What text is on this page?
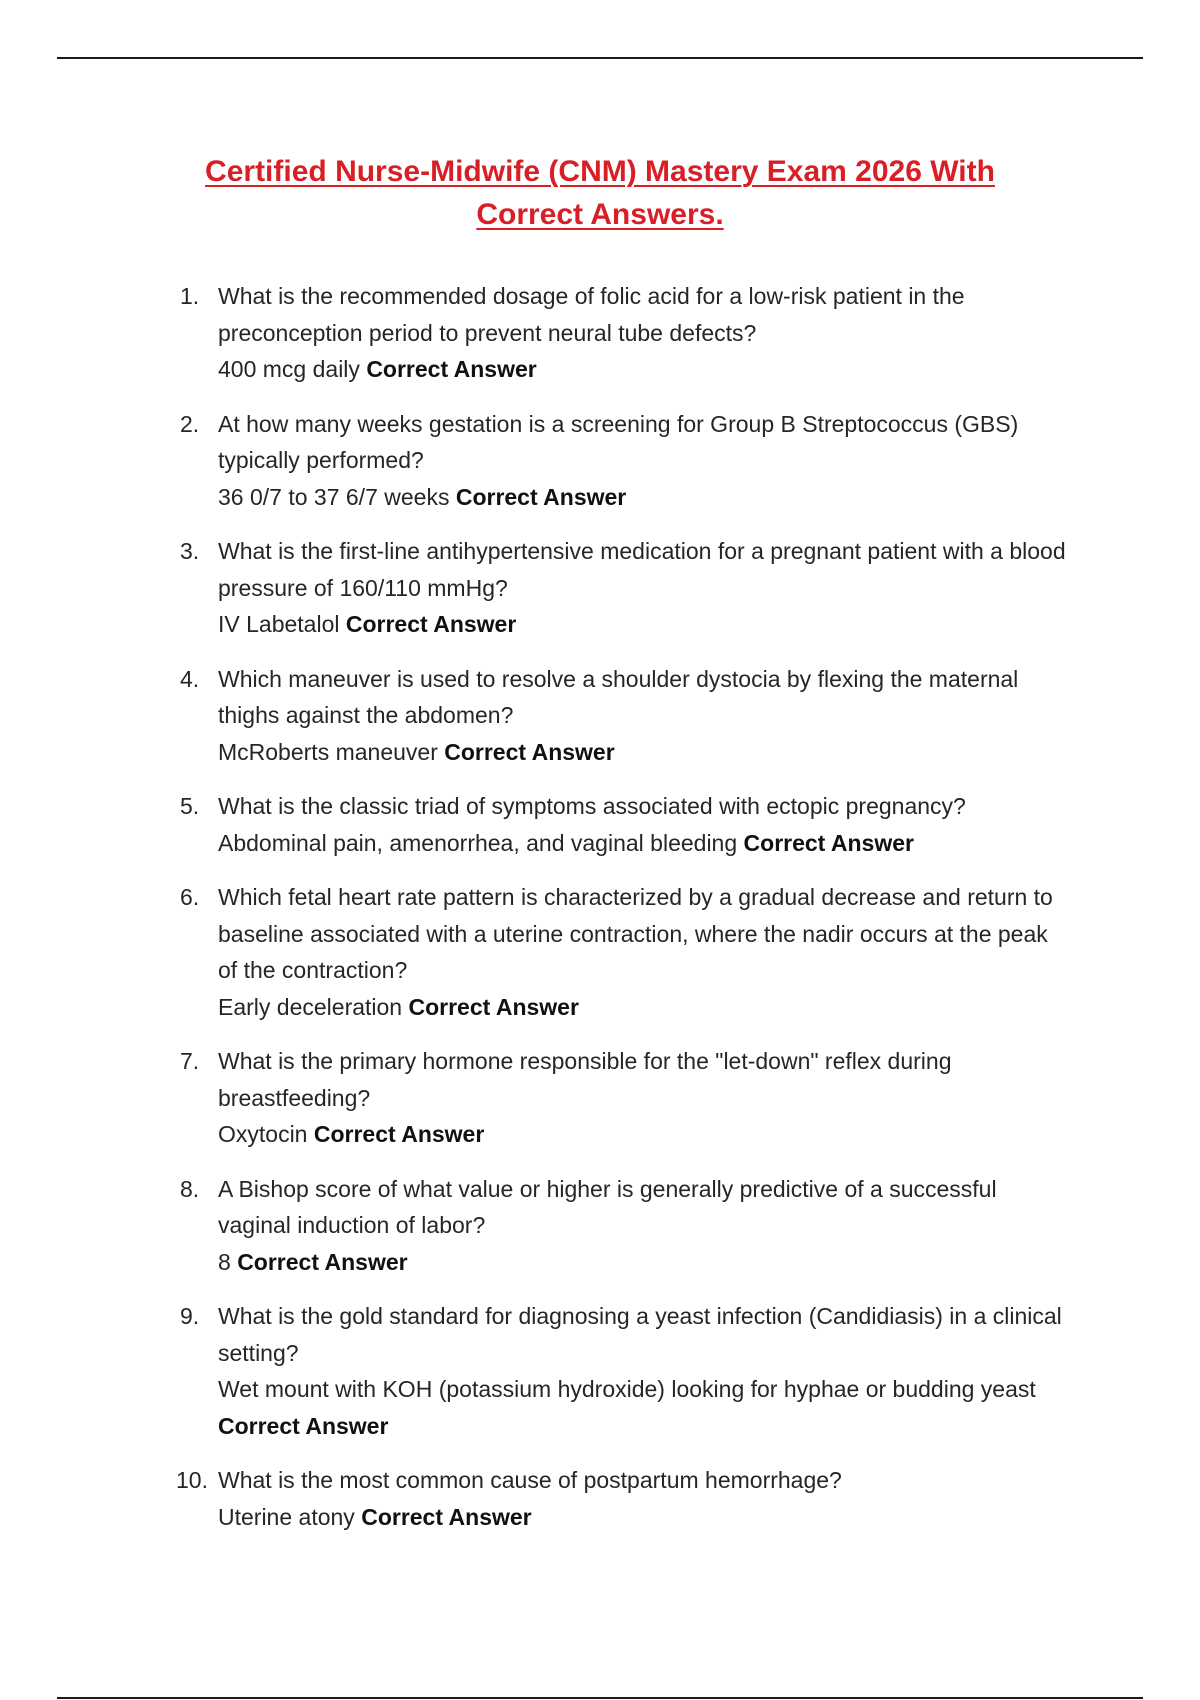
Certified Nurse-Midwife (CNM) Mastery Exam 2026 With
Correct Answers.
1. What is the recommended dosage of folic acid for a low-risk patient in the preconception period to prevent neural tube defects?
400 mcg daily Correct Answer
2. At how many weeks gestation is a screening for Group B Streptococcus (GBS) typically performed?
36 0/7 to 37 6/7 weeks Correct Answer
3. What is the first-line antihypertensive medication for a pregnant patient with a blood pressure of 160/110 mmHg?
IV Labetalol Correct Answer
4. Which maneuver is used to resolve a shoulder dystocia by flexing the maternal thighs against the abdomen?
McRoberts maneuver Correct Answer
5. What is the classic triad of symptoms associated with ectopic pregnancy?
Abdominal pain, amenorrhea, and vaginal bleeding Correct Answer
6. Which fetal heart rate pattern is characterized by a gradual decrease and return to baseline associated with a uterine contraction, where the nadir occurs at the peak of the contraction?
Early deceleration Correct Answer
7. What is the primary hormone responsible for the "let-down" reflex during breastfeeding?
Oxytocin Correct Answer
8. A Bishop score of what value or higher is generally predictive of a successful vaginal induction of labor?
8 Correct Answer
9. What is the gold standard for diagnosing a yeast infection (Candidiasis) in a clinical setting?
Wet mount with KOH (potassium hydroxide) looking for hyphae or budding yeast Correct Answer
10. What is the most common cause of postpartum hemorrhage?
Uterine atony Correct Answer
